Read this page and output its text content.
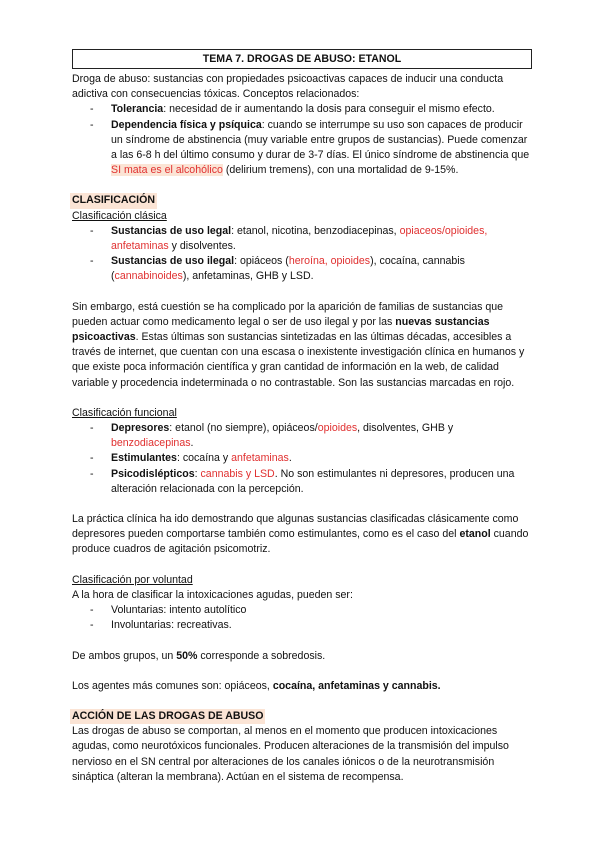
TEMA 7. DROGAS DE ABUSO: ETANOL

Droga de abuso: sustancias con propiedades psicoactivas capaces de inducir una conducta adictiva con consecuencias tóxicas. Conceptos relacionados:

- Tolerancia: necesidad de ir aumentando la dosis para conseguir el mismo efecto.
- Dependencia física y psíquica: cuando se interrumpe su uso son capaces de producir un síndrome de abstinencia (muy variable entre grupos de sustancias). Puede comenzar a las 6-8 h del último consumo y durar de 3-7 días. El único síndrome de abstinencia que SI mata es el alcohólico (delirium tremens), con una mortalidad de 9-15%.

CLASIFICACIÓN

Clasificación clásica

- Sustancias de uso legal: etanol, nicotina, benzodiacepinas, opiaceos/opioides, anfetaminas y disolventes.
- Sustancias de uso ilegal: opiáceos (heroína, opioides), cocaína, cannabis (cannabinoides), anfetaminas, GHB y LSD.

Sin embargo, está cuestión se ha complicado por la aparición de familias de sustancias que pueden actuar como medicamento legal o ser de uso ilegal y por las nuevas sustancias psicoactivas. Estas últimas son sustancias sintetizadas en las últimas décadas, accesibles a través de internet, que cuentan con una escasa o inexistente investigación clínica en humanos y que existe poca información científica y gran cantidad de información en la web, de calidad variable y procedencia indeterminada o no contrastable. Son las sustancias marcadas en rojo.

Clasificación funcional

- Depresores: etanol (no siempre), opiáceos/opioides, disolventes, GHB y benzodiacepinas.
- Estimulantes: cocaína y anfetaminas.
- Psicodislépticos: cannabis y LSD. No son estimulantes ni depresores, producen una alteración relacionada con la percepción.

La práctica clínica ha ido demostrando que algunas sustancias clasificadas clásicamente como depresores pueden comportarse también como estimulantes, como es el caso del etanol cuando produce cuadros de agitación psicomotriz.

Clasificación por voluntad

A la hora de clasificar la intoxicaciones agudas, pueden ser:

- Voluntarias: intento autolítico
- Involuntarias: recreativas.

De ambos grupos, un 50% corresponde a sobredosis.

Los agentes más comunes son: opiáceos, cocaína, anfetaminas y cannabis.

ACCIÓN DE LAS DROGAS DE ABUSO

Las drogas de abuso se comportan, al menos en el momento que producen intoxicaciones agudas, como neurotóxicos funcionales. Producen alteraciones de la transmisión del impulso nervioso en el SN central por alteraciones de los canales iónicos o de la neurotransmisión sináptica (alteran la membrana). Actúan en el sistema de recompensa.
